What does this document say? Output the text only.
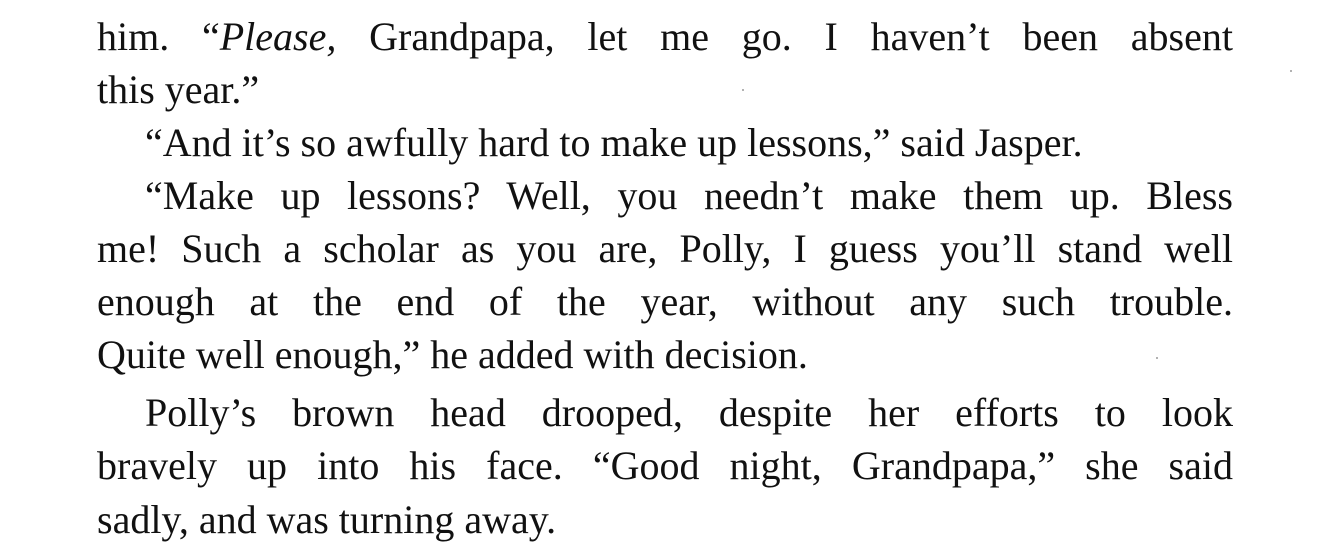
him. “Please, Grandpapa, let me go. I haven’t been absent
this year.”
“And it’s so awfully hard to make up lessons,” said Jasper.
“Make up lessons? Well, you needn’t make them up. Bless
me! Such a scholar as you are, Polly, I guess you’ll stand well
enough at the end of the year, without any such trouble.
Quite well enough,” he added with decision.
Polly’s brown head drooped, despite her efforts to look
bravely up into his face. “Good night, Grandpapa,” she said
sadly, and was turning away.
